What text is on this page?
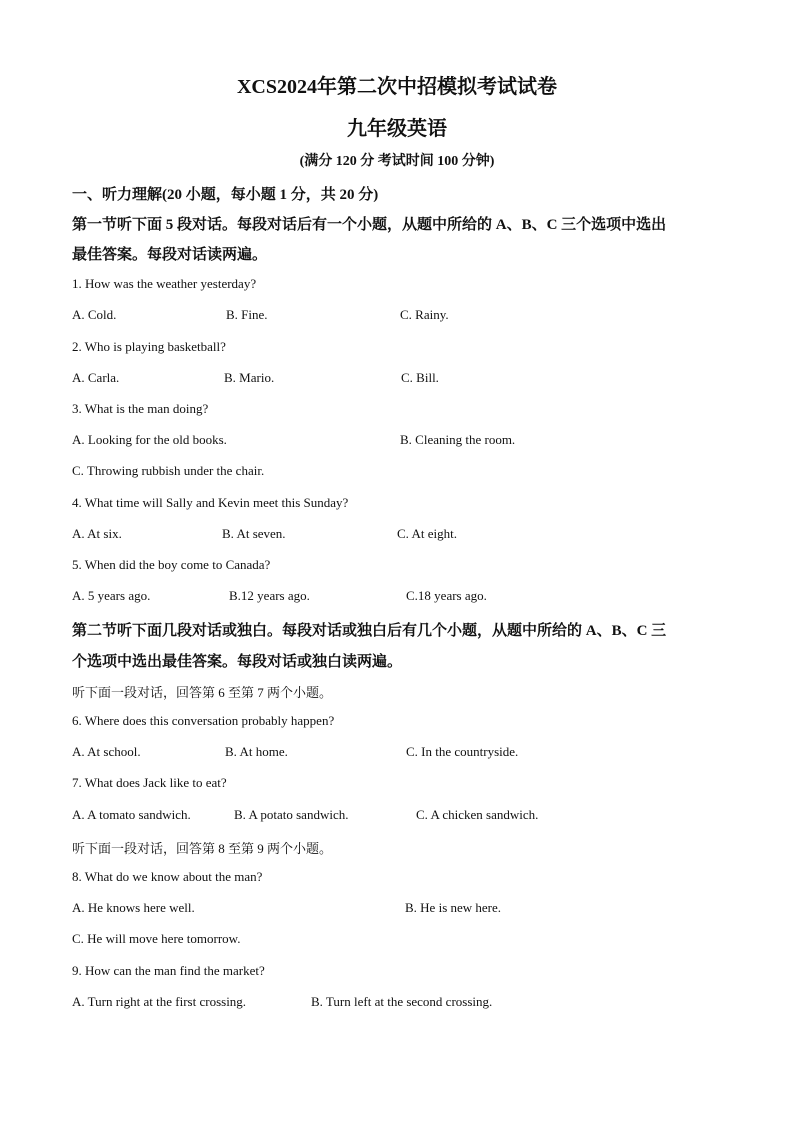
XCS2024年第二次中招模拟考试试卷
九年级英语
(满分 120 分 考试时间 100 分钟)
一、听力理解(20 小题，每小题 1 分，共 20 分)
第一节听下面 5 段对话。每段对话后有一个小题，从题中所给的 A、B、C 三个选项中选出
最佳答案。每段对话读两遍。
1. How was the weather yesterday?
A. Cold.	B. Fine.	C. Rainy.
2. Who is playing basketball?
A. Carla.	B. Mario.	C. Bill.
3. What is the man doing?
A. Looking for the old books.	B. Cleaning the room.
C. Throwing rubbish under the chair.
4. What time will Sally and Kevin meet this Sunday?
A. At six.	B. At seven.	C. At eight.
5. When did the boy come to Canada?
A. 5 years ago.	B.12 years ago.	C.18 years ago.
第二节听下面几段对话或独白。每段对话或独白后有几个小题，从题中所给的 A、B、C 三
个选项中选出最佳答案。每段对话或独白读两遍。
听下面一段对话，回答第 6 至第 7 两个小题。
6. Where does this conversation probably happen?
A. At school.	B. At home.	C. In the countryside.
7. What does Jack like to eat?
A. A tomato sandwich.	B. A potato sandwich.	C. A chicken sandwich.
听下面一段对话，回答第 8 至第 9 两个小题。
8. What do we know about the man?
A. He knows here well.	B. He is new here.
C. He will move here tomorrow.
9. How can the man find the market?
A. Turn right at the first crossing.	B. Turn left at the second crossing.
